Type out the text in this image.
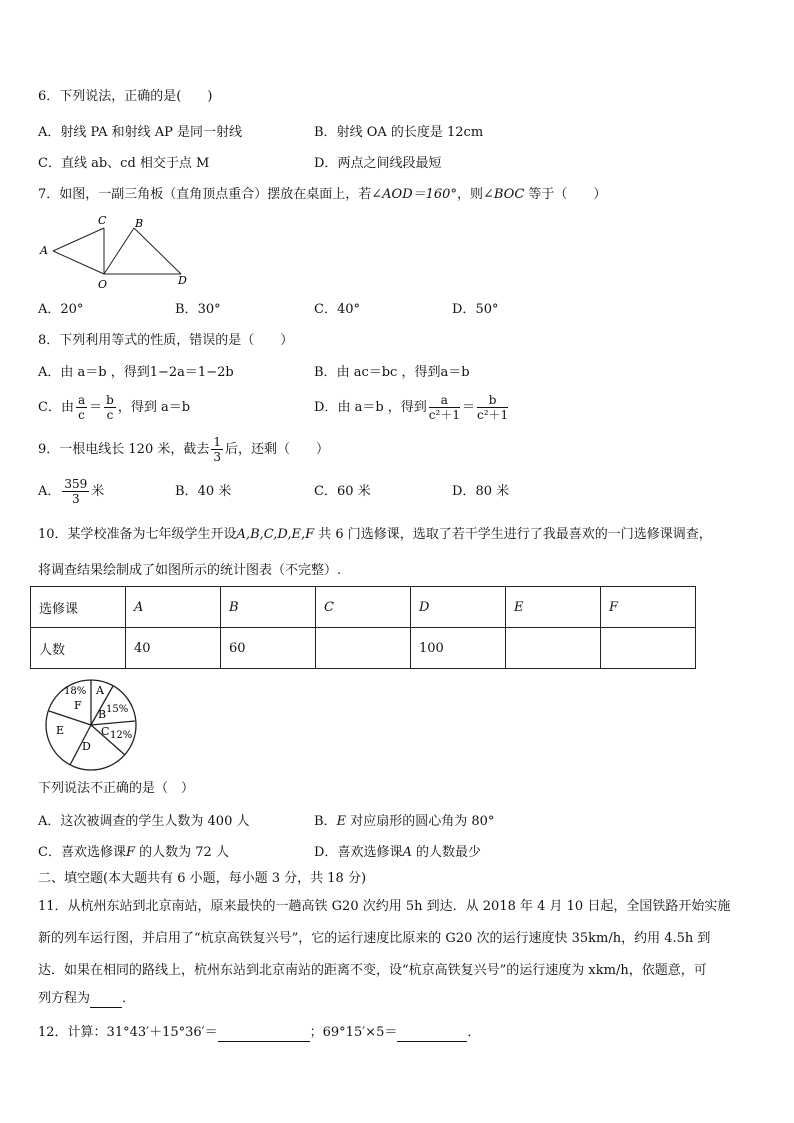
6．下列说法，正确的是(　　)
A．射线 PA 和射线 AP 是同一射线	B．射线 OA 的长度是 12cm
C．直线 ab、cd 相交于点 M	D．两点之间线段最短
7．如图，一副三角板（直角顶点重合）摆放在桌面上，若∠AOD＝160°，则∠BOC 等于（　　）
A
C	B
O	D
A．20°	B．30°	C．40°	D．50°
8．下列利用等式的性质，错误的是（　　）
A．由 a＝b ，得到1−2a＝1−2b	B．由 ac＝bc ，得到a＝b
C．由 $\frac{a}{c} = \frac{b}{c}$ ，得到 a＝b	D．由 a＝b ，得到 $\frac{a}{\text{c²＋1}} = \frac{b}{\text{c²＋1}}$
9．一根电线长 120 米，截去 $\frac{1}{3}$ 后，还剩（　　）
A． $\frac{359}{3}$ 米	B．40 米	C．60 米	D．80 米
10．某学校准备为七年级学生开设A,B,C,D,E,F 共 6 门选修课，选取了若干学生进行了我最喜欢的一门选修课调查，
将调查结果绘制成了如图所示的统计图表（不完整）.
选修课	A	B	C	D	E	F
人数	40	60		100		
A
B 15%
C 12%
D
E
18%
F
下列说法不正确的是（　）
A．这次被调查的学生人数为 400 人	B．E 对应扇形的圆心角为 80°
C．喜欢选修课F 的人数为 72 人	D．喜欢选修课A 的人数最少
二、填空题(本大题共有 6 小题，每小题 3 分，共 18 分)
11．从杭州东站到北京南站，原来最快的一趟高铁 G20 次约用 5h 到达．从 2018 年 4 月 10 日起，全国铁路开始实施
新的列车运行图，并启用了“杭京高铁复兴号”，它的运行速度比原来的 G20 次的运行速度快 35km/h，约用 4.5h 到
达．如果在相同的路线上，杭州东站到北京南站的距离不变，设“杭京高铁复兴号”的运行速度为 xkm/h，依题意，可
列方程为 ．
12．计算：31°43′＋15°36′＝	；69°15′×5＝	．
